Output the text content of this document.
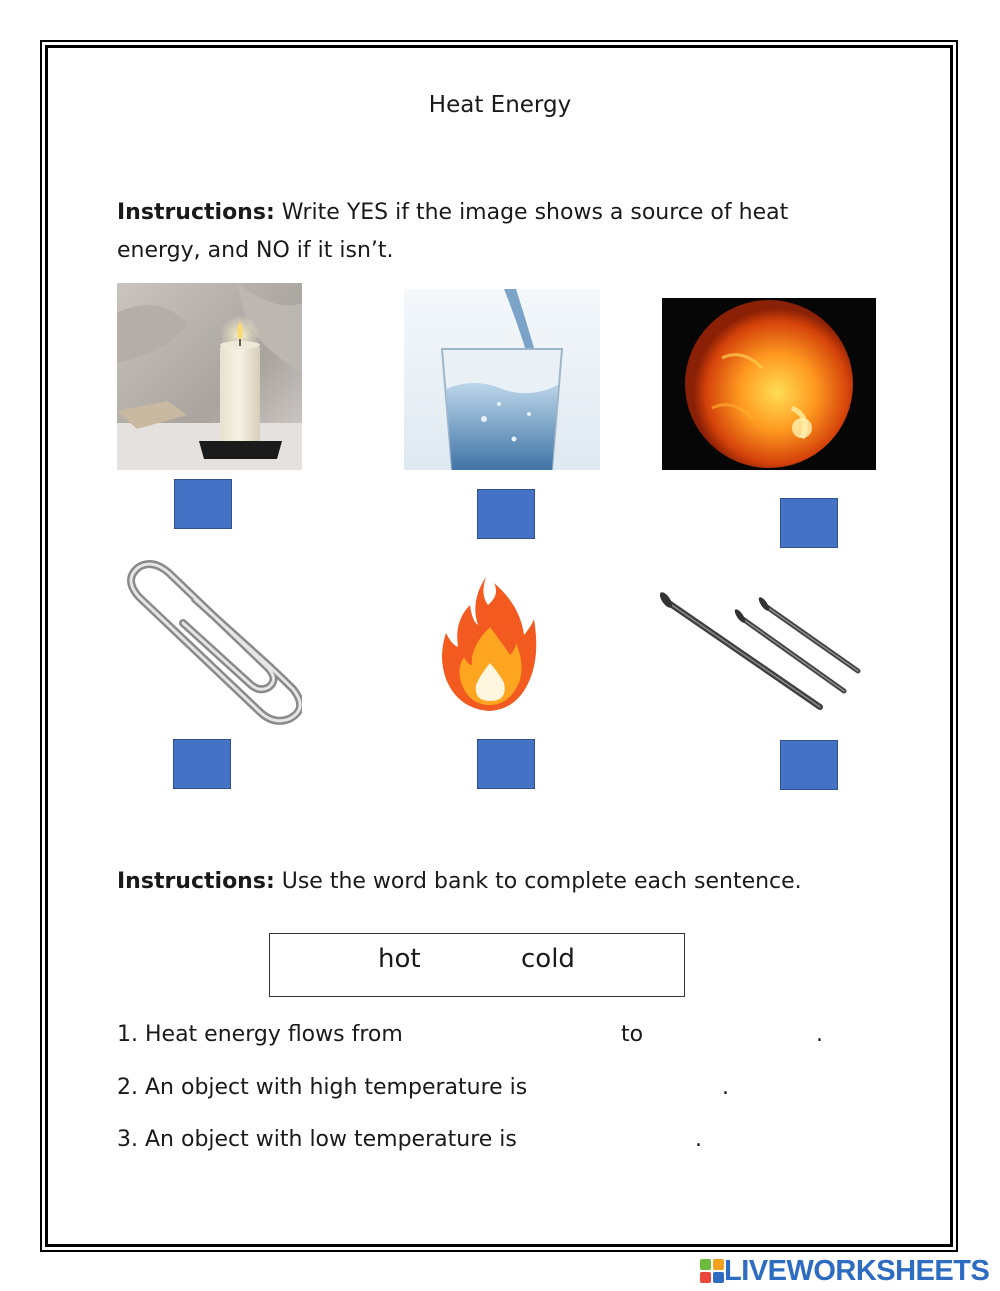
Heat Energy
Instructions: Write YES if the image shows a source of heat
energy, and NO if it isn’t.
Instructions: Use the word bank to complete each sentence.
hot	cold
1. Heat energy flows from	to	.
2. An object with high temperature is	.
3. An object with low temperature is	.
LIVEWORKSHEETS
